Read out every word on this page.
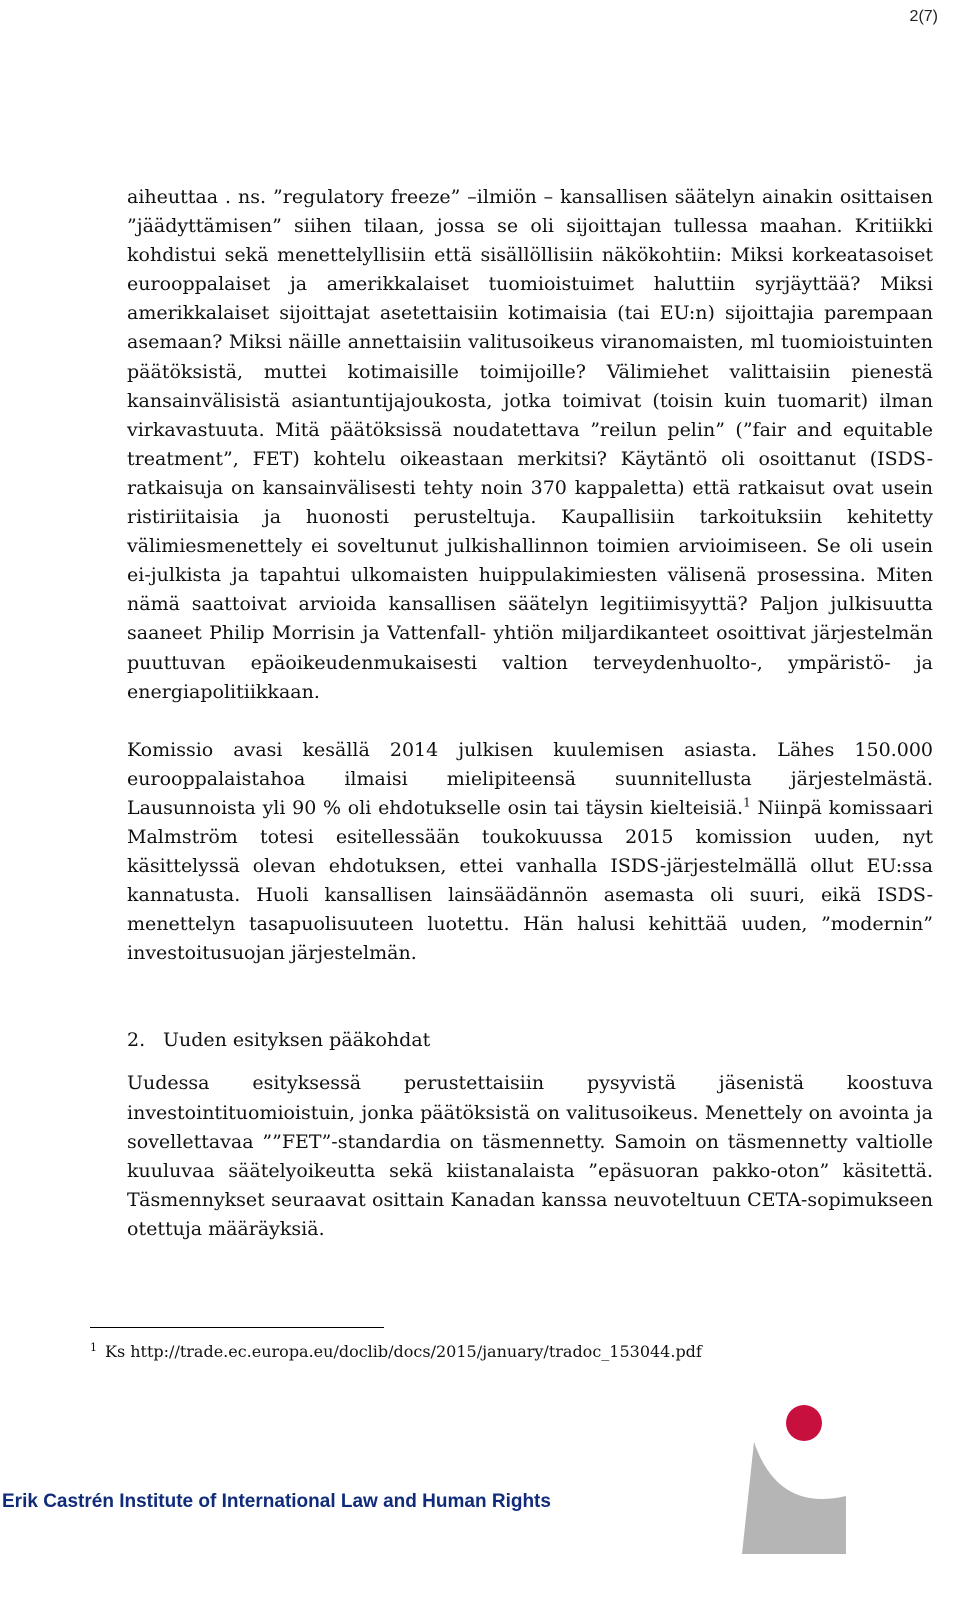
2(7)

aiheuttaa . ns. ”regulatory freeze” –ilmiön – kansallisen säätelyn ainakin osittaisen ”jäädyttämisen” siihen tilaan, jossa se oli sijoittajan tullessa maahan. Kritiikki kohdistui sekä menettelyllisiin että sisällöllisiin näkökohtiin: Miksi korkeatasoiset eurooppalaiset ja amerikkalaiset tuomioistuimet haluttiin syrjäyttää? Miksi amerikkalaiset sijoittajat asetettaisiin kotimaisia (tai EU:n) sijoittajia parempaan asemaan? Miksi näille annettaisiin valitusoikeus viranomaisten, ml tuomioistuinten päätöksistä, muttei kotimaisille toimijoille? Välimiehet valittaisiin pienestä kansainvälisistä asiantuntijajoukosta, jotka toimivat (toisin kuin tuomarit) ilman virkavastuuta. Mitä päätöksissä noudatettava ”reilun pelin” (”fair and equitable treatment”, FET) kohtelu oikeastaan merkitsi? Käytäntö oli osoittanut (ISDS-ratkaisuja on kansainvälisesti tehty noin 370 kappaletta) että ratkaisut ovat usein ristiriitaisia ja huonosti perusteltuja. Kaupallisiin tarkoituksiin kehitetty välimiesmenettely ei soveltunut julkishallinnon toimien arvioimiseen. Se oli usein ei-julkista ja tapahtui ulkomaisten huippulakimiesten välisenä prosessina. Miten nämä saattoivat arvioida kansallisen säätelyn legitiimisyyttä? Paljon julkisuutta saaneet Philip Morrisin ja Vattenfall- yhtiön miljardikanteet osoittivat järjestelmän puuttuvan epäoikeudenmukaisesti valtion terveydenhuolto-, ympäristö- ja energiapolitiikkaan.

Komissio avasi kesällä 2014 julkisen kuulemisen asiasta. Lähes 150.000 eurooppalaistahoa ilmaisi mielipiteensä suunnitellusta järjestelmästä. Lausunnoista yli 90 % oli ehdotukselle osin tai täysin kielteisiä.$^1$ Niinpä komissaari Malmström totesi esitellessään toukokuussa 2015 komission uuden, nyt käsittelyssä olevan ehdotuksen, ettei vanhalla ISDS-järjestelmällä ollut EU:ssa kannatusta. Huoli kansallisen lainsäädännön asemasta oli suuri, eikä ISDS-menettelyn tasapuolisuuteen luotettu. Hän halusi kehittää uuden, ”modernin” investoitusuojan järjestelmän.

2. Uuden esityksen pääkohdat

Uudessa esityksessä perustettaisiin pysyvistä jäsenistä koostuva investointituomioistuin, jonka päätöksistä on valitusoikeus. Menettely on avointa ja sovellettavaa ””FET”-standardia on täsmennetty. Samoin on täsmennetty valtiolle kuuluvaa säätelyoikeutta sekä kiistanalaista ”epäsuoran pakko-oton” käsitettä. Täsmennykset seuraavat osittain Kanadan kanssa neuvoteltuun CETA-sopimukseen otettuja määräyksiä.

$^1$ Ks http://trade.ec.europa.eu/doclib/docs/2015/january/tradoc_153044.pdf
Erik Castrén Institute of International Law and Human Rights
